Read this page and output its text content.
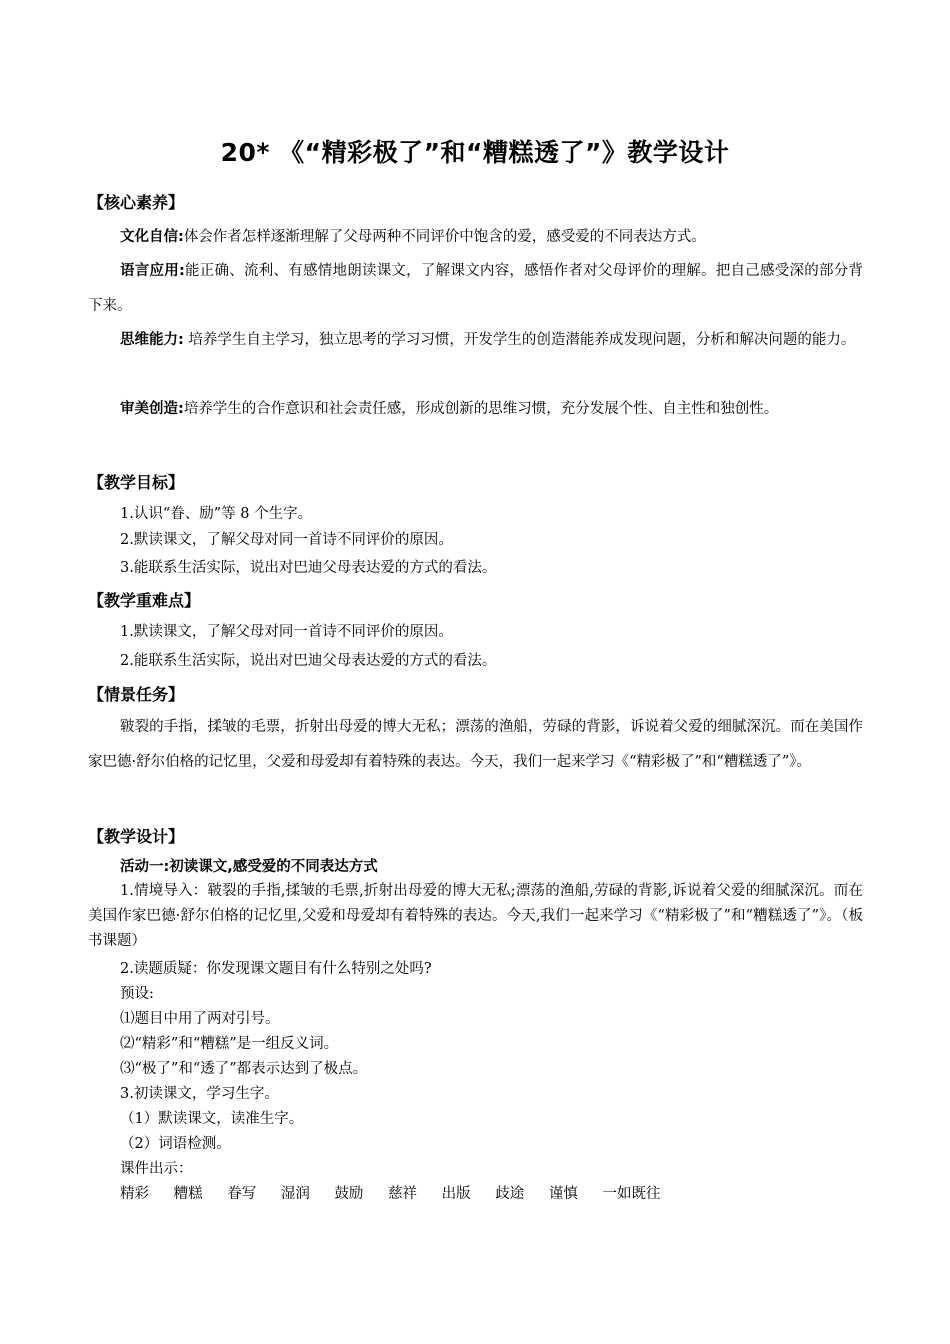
20* 《“精彩极了”和“糟糕透了”》教学设计
【核心素养】
文化自信:体会作者怎样逐渐理解了父母两种不同评价中饱含的爱，感受爱的不同表达方式。
语言应用:能正确、流利、有感情地朗读课文，了解课文内容，感悟作者对父母评价的理解。把自己感受深的部分背下来。
思维能力: 培养学生自主学习，独立思考的学习习惯，开发学生的创造潜能养成发现问题，分析和解决问题的能力。
审美创造:培养学生的合作意识和社会责任感，形成创新的思维习惯，充分发展个性、自主性和独创性。
【教学目标】
1.认识“眷、励”等 8 个生字。
2.默读课文，了解父母对同一首诗不同评价的原因。
3.能联系生活实际，说出对巴迪父母表达爱的方式的看法。
【教学重难点】
1.默读课文，了解父母对同一首诗不同评价的原因。
2.能联系生活实际，说出对巴迪父母表达爱的方式的看法。
【情景任务】
皲裂的手指，揉皱的毛票，折射出母爱的博大无私；漂荡的渔船，劳碌的背影，诉说着父爱的细腻深沉。而在美国作家巴德·舒尔伯格的记忆里，父爱和母爱却有着特殊的表达。今天，我们一起来学习《“精彩极了”和“糟糕透了”》。
【教学设计】
活动一:初读课文,感受爱的不同表达方式
1.情境导入：皲裂的手指,揉皱的毛票,折射出母爱的博大无私;漂荡的渔船,劳碌的背影,诉说着父爱的细腻深沉。而在美国作家巴德·舒尔伯格的记忆里,父爱和母爱却有着特殊的表达。今天,我们一起来学习《“精彩极了”和“糟糕透了”》。（板书课题）
2.读题质疑：你发现课文题目有什么特别之处吗?
预设:
⑴题目中用了两对引号。
⑵“精彩”和“糟糕”是一组反义词。
⑶“极了”和“透了”都表示达到了极点。
3.初读课文，学习生字。
（1）默读课文，读准生字。
（2）词语检测。
课件出示：
精彩 糟糕 眷写 湿润 鼓励 慈祥 出版 歧途 谨慎 一如既往
